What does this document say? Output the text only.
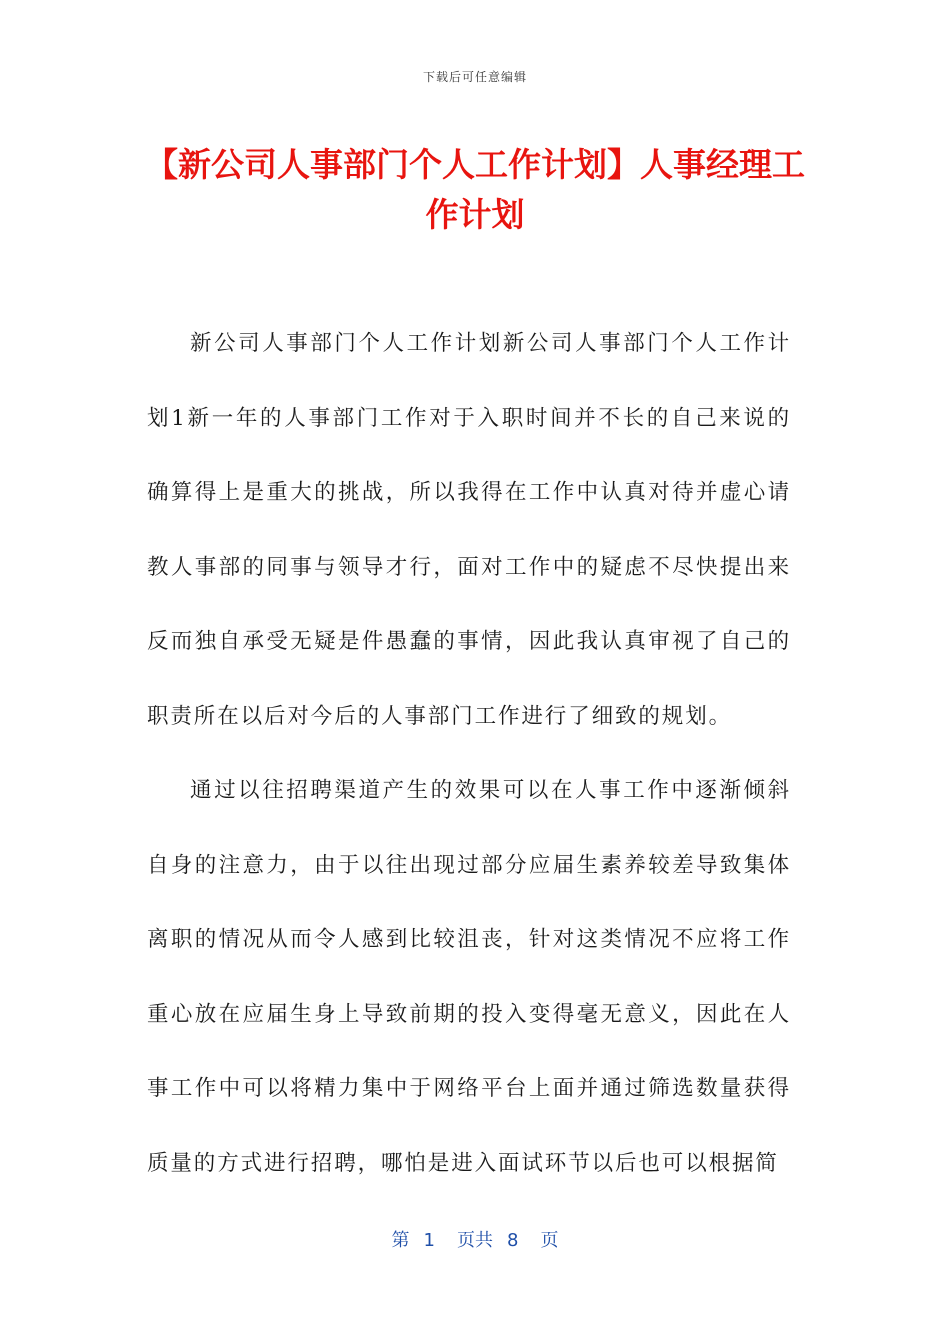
下载后可任意编辑
【新公司人事部门个人工作计划】人事经理工作计划

新公司人事部门个人工作计划新公司人事部门个人工作计划1新一年的人事部门工作对于入职时间并不长的自己来说的确算得上是重大的挑战，所以我得在工作中认真对待并虚心请教人事部的同事与领导才行，面对工作中的疑虑不尽快提出来反而独自承受无疑是件愚蠢的事情，因此我认真审视了自己的职责所在以后对今后的人事部门工作进行了细致的规划。

通过以往招聘渠道产生的效果可以在人事工作中逐渐倾斜自身的注意力，由于以往出现过部分应届生素养较差导致集体离职的情况从而令人感到比较沮丧，针对这类情况不应将工作重心放在应届生身上导致前期的投入变得毫无意义，因此在人事工作中可以将精力集中于网络平台上面并通过筛选数量获得质量的方式进行招聘，哪怕是进入面试环节以后也可以根据简

第 1 页共 8 页
